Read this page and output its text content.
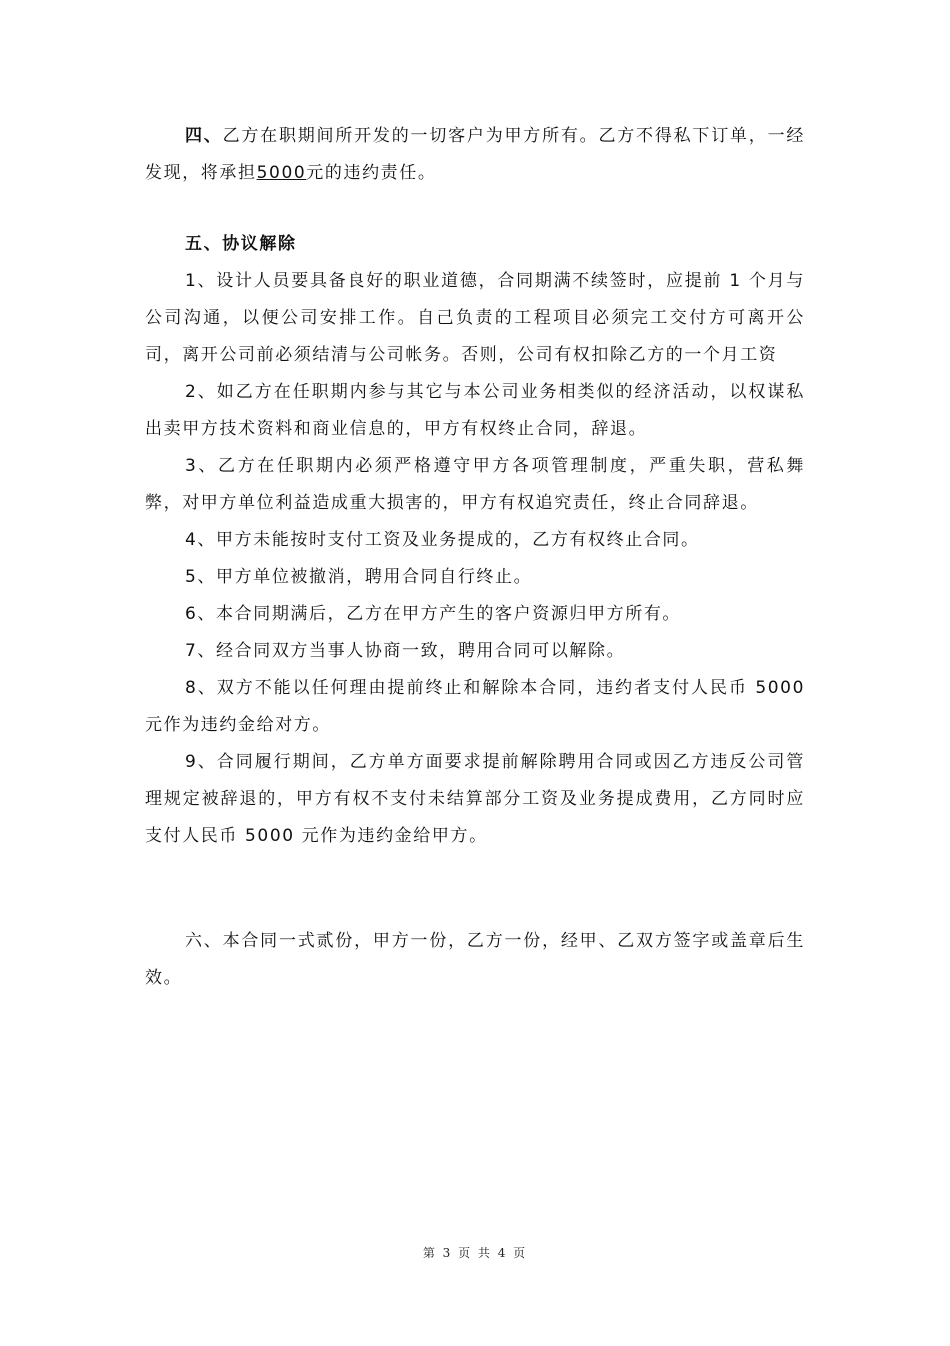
四、乙方在职期间所开发的一切客户为甲方所有。乙方不得私下订单，一经发现，将承担5000元的违约责任。

五、协议解除

1、设计人员要具备良好的职业道德，合同期满不续签时，应提前 1 个月与公司沟通，以便公司安排工作。自己负责的工程项目必须完工交付方可离开公司，离开公司前必须结清与公司帐务。否则，公司有权扣除乙方的一个月工资

2、如乙方在任职期内参与其它与本公司业务相类似的经济活动，以权谋私出卖甲方技术资料和商业信息的，甲方有权终止合同，辞退。

3、乙方在任职期内必须严格遵守甲方各项管理制度，严重失职，营私舞弊，对甲方单位利益造成重大损害的，甲方有权追究责任，终止合同辞退。

4、甲方未能按时支付工资及业务提成的，乙方有权终止合同。

5、甲方单位被撤消，聘用合同自行终止。

6、本合同期满后，乙方在甲方产生的客户资源归甲方所有。

7、经合同双方当事人协商一致，聘用合同可以解除。

8、双方不能以任何理由提前终止和解除本合同，违约者支付人民币 5000 元作为违约金给对方。

9、合同履行期间，乙方单方面要求提前解除聘用合同或因乙方违反公司管理规定被辞退的，甲方有权不支付未结算部分工资及业务提成费用，乙方同时应支付人民币 5000 元作为违约金给甲方。

六、本合同一式贰份，甲方一份，乙方一份，经甲、乙双方签字或盖章后生效。

第 3 页 共 4 页
